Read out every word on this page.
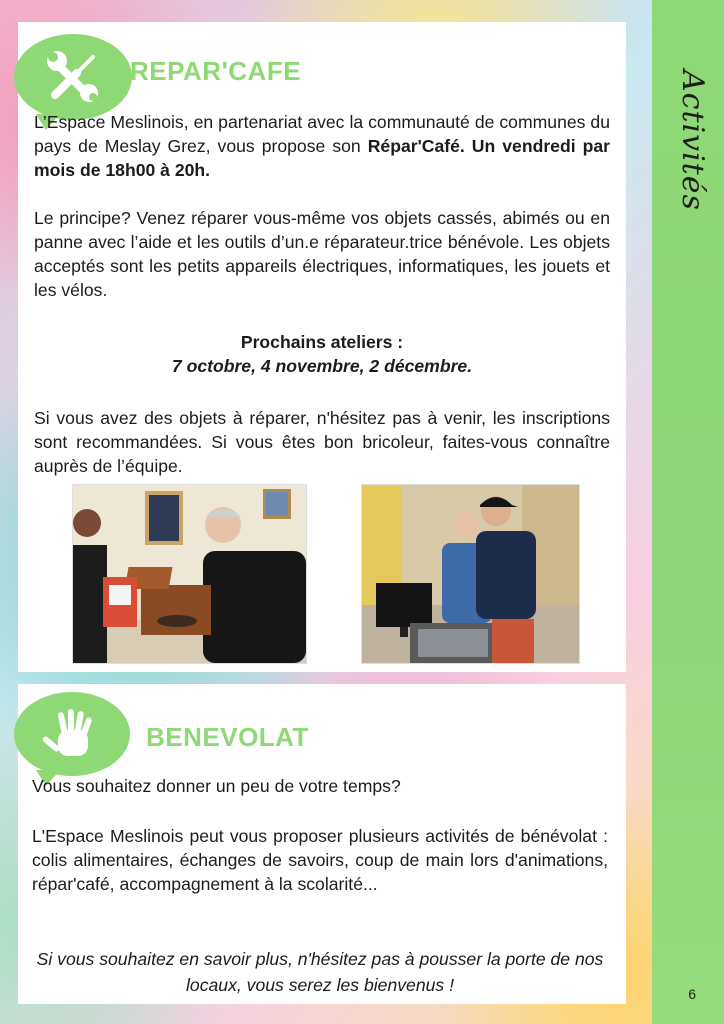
Activités
6
REPAR'CAFE
L’Espace Meslinois, en partenariat avec la communauté de communes du pays de Meslay Grez, vous propose son Répar'Café. Un vendredi par mois de 18h00 à 20h.
Le principe? Venez réparer vous-même vos objets cassés, abimés ou en panne avec l’aide et les outils d’un.e réparateur.trice bénévole. Les objets acceptés sont les petits appareils électriques, informatiques, les jouets et les vélos.
Prochains ateliers :
7 octobre, 4 novembre, 2 décembre.
Si vous avez des objets à réparer, n'hésitez pas à venir, les inscriptions sont recommandées. Si vous êtes bon bricoleur, faites-vous connaître auprès de l’équipe.
BENEVOLAT
Vous souhaitez donner un peu de votre temps?
L'Espace Meslinois peut vous proposer plusieurs activités de bénévolat : colis alimentaires, échanges de savoirs, coup de main lors d'animations, répar'café, accompagnement à la scolarité...
Si vous souhaitez en savoir plus, n'hésitez pas à pousser la porte de nos locaux, vous serez les bienvenus !
